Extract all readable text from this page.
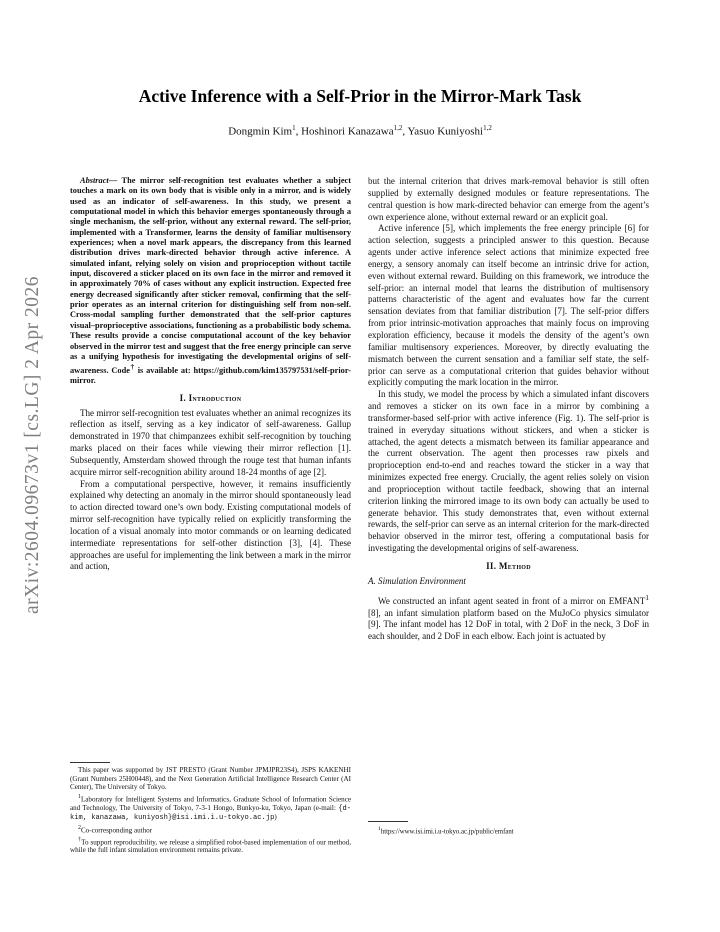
Active Inference with a Self-Prior in the Mirror-Mark Task

Dongmin Kim$^1$, Hoshinori Kanazawa$^{1,2}$, Yasuo Kuniyoshi$^{1,2}$

arXiv:2604.09673v1 [cs.LG] 2 Apr 2026

Abstract— The mirror self-recognition test evaluates whether a subject touches a mark on its own body that is visible only in a mirror, and is widely used as an indicator of self-awareness. In this study, we present a computational model in which this behavior emerges spontaneously through a single mechanism, the self-prior, without any external reward. The self-prior, implemented with a Transformer, learns the density of familiar multisensory experiences; when a novel mark appears, the discrepancy from this learned distribution drives mark-directed behavior through active inference. A simulated infant, relying solely on vision and proprioception without tactile input, discovered a sticker placed on its own face in the mirror and removed it in approximately 70% of cases without any explicit instruction. Expected free energy decreased significantly after sticker removal, confirming that the self-prior operates as an internal criterion for distinguishing self from non-self. Cross-modal sampling further demonstrated that the self-prior captures visual–proprioceptive associations, functioning as a probabilistic body schema. These results provide a concise computational account of the key behavior observed in the mirror test and suggest that the free energy principle can serve as a unifying hypothesis for investigating the developmental origins of self-awareness. Code† is available at: https://github.com/kim135797531/self-prior-mirror.

I. Introduction

The mirror self-recognition test evaluates whether an animal recognizes its reflection as itself, serving as a key indicator of self-awareness. Gallup demonstrated in 1970 that chimpanzees exhibit self-recognition by touching marks placed on their faces while viewing their mirror reflection [1]. Subsequently, Amsterdam showed through the rouge test that human infants acquire mirror self-recognition ability around 18-24 months of age [2].

From a computational perspective, however, it remains insufficiently explained why detecting an anomaly in the mirror should spontaneously lead to action directed toward one’s own body. Existing computational models of mirror self-recognition have typically relied on explicitly transforming the location of a visual anomaly into motor commands or on learning dedicated intermediate representations for self-other distinction [3], [4]. These approaches are useful for implementing the link between a mark in the mirror and action,

This paper was supported by JST PRESTO (Grant Number JPMJPR23S4), JSPS KAKENHI (Grant Numbers 25H00448), and the Next Generation Artificial Intelligence Research Center (AI Center), The University of Tokyo.

$^1$Laboratory for Intelligent Systems and Informatics, Graduate School of Information Science and Technology, The University of Tokyo, 7-3-1 Hongo, Bunkyo-ku, Tokyo, Japan (e-mail: {d-kim, kanazawa, kuniyosh}@isi.imi.i.u-tokyo.ac.jp)

$^2$Co-corresponding author

†To support reproducibility, we release a simplified robot-based implementation of our method, while the full infant simulation environment remains private.

but the internal criterion that drives mark-removal behavior is still often supplied by externally designed modules or feature representations. The central question is how mark-directed behavior can emerge from the agent’s own experience alone, without external reward or an explicit goal.

Active inference [5], which implements the free energy principle [6] for action selection, suggests a principled answer to this question. Because agents under active inference select actions that minimize expected free energy, a sensory anomaly can itself become an intrinsic drive for action, even without external reward. Building on this framework, we introduce the self-prior: an internal model that learns the distribution of multisensory patterns characteristic of the agent and evaluates how far the current sensation deviates from that familiar distribution [7]. The self-prior differs from prior intrinsic-motivation approaches that mainly focus on improving exploration efficiency, because it models the density of the agent’s own familiar multisensory experiences. Moreover, by directly evaluating the mismatch between the current sensation and a familiar self state, the self-prior can serve as a computational criterion that guides behavior without explicitly computing the mark location in the mirror.

In this study, we model the process by which a simulated infant discovers and removes a sticker on its own face in a mirror by combining a transformer-based self-prior with active inference (Fig. 1). The self-prior is trained in everyday situations without stickers, and when a sticker is attached, the agent detects a mismatch between its familiar appearance and the current observation. The agent then processes raw pixels and proprioception end-to-end and reaches toward the sticker in a way that minimizes expected free energy. Crucially, the agent relies solely on vision and proprioception without tactile feedback, showing that an internal criterion linking the mirrored image to its own body can actually be used to generate behavior. This study demonstrates that, even without external rewards, the self-prior can serve as an internal criterion for the mark-directed behavior observed in the mirror test, offering a computational basis for investigating the developmental origins of self-awareness.

II. Method
A. Simulation Environment

We constructed an infant agent seated in front of a mirror on EMFANT$^1$ [8], an infant simulation platform based on the MuJoCo physics simulator [9]. The infant model has 12 DoF in total, with 2 DoF in the neck, 3 DoF in each shoulder, and 2 DoF in each elbow. Each joint is actuated by

$^1$https://www.isi.imi.i.u-tokyo.ac.jp/public/emfant
